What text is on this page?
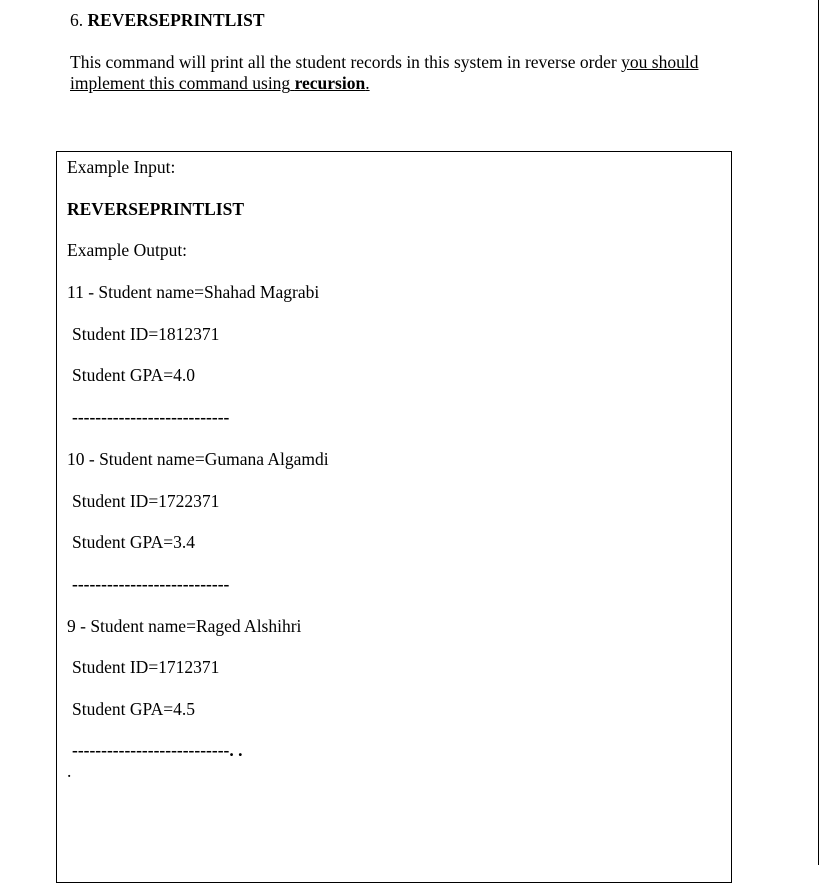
6. REVERSEPRINTLIST
This command will print all the student records in this system in reverse order you should implement this command using recursion.
Example Input:
REVERSEPRINTLIST
Example Output:
11 - Student name=Shahad Magrabi
Student ID=1812371
Student GPA=4.0
---------------------------
10 - Student name=Gumana Algamdi
Student ID=1722371
Student GPA=3.4
---------------------------
9 - Student name=Raged Alshihri
Student ID=1712371
Student GPA=4.5
---------------------------. .
.
